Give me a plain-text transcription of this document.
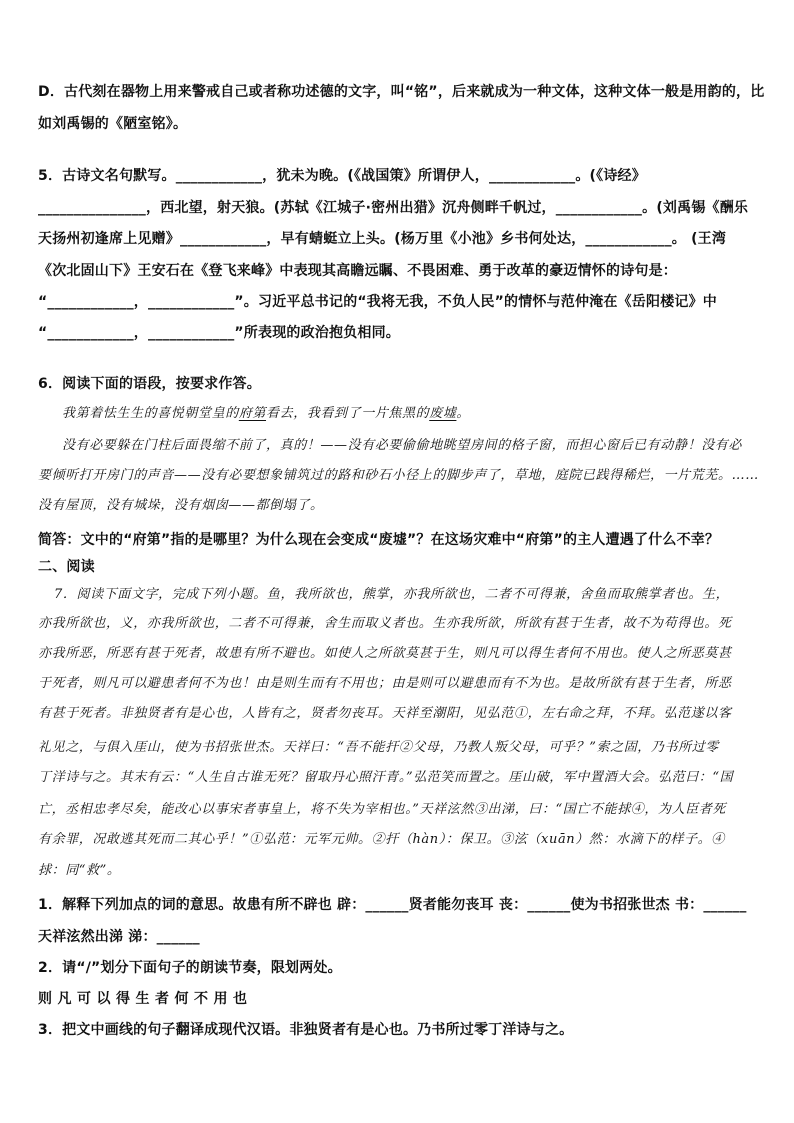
D．古代刻在器物上用来警戒自己或者称功述德的文字，叫“铭”，后来就成为一种文体，这种文体一般是用韵的，比
如刘禹锡的《陋室铭》。
5．古诗文名句默写。____________，犹未为晚。(《战国策》所谓伊人，____________。(《诗经》
_______________，西北望，射天狼。(苏轼《江城子·密州出猎》沉舟侧畔千帆过，____________。(刘禹锡《酬乐
天扬州初逢席上见赠》____________，早有蜻蜓立上头。(杨万里《小池》乡书何处达，____________。 (王湾
《次北固山下》王安石在《登飞来峰》中表现其高瞻远瞩、不畏困难、勇于改革的豪迈情怀的诗句是：
“____________，____________”。习近平总书记的“我将无我，不负人民”的情怀与范仲淹在《岳阳楼记》中
“____________，____________”所表现的政治抱负相同。
6．阅读下面的语段，按要求作答。
我第着怯生生的喜悦朝堂皇的府第看去，我看到了一片焦黑的废墟。
没有必要躲在门柱后面畏缩不前了，真的！——没有必要偷偷地眺望房间的格子窗，而担心窗后已有动静！没有必
要倾听打开房门的声音——没有必要想象铺筑过的路和砂石小径上的脚步声了，草地，庭院已践得稀烂，一片荒芜。……
没有屋顶，没有城垛，没有烟囱——都倒塌了。
简答：文中的“府第”指的是哪里？为什么现在会变成“废墟”？在这场灾难中“府第”的主人遭遇了什么不幸？
二、阅读
7．阅读下面文字，完成下列小题。鱼，我所欲也，熊掌，亦我所欲也，二者不可得兼，舍鱼而取熊掌者也。生，
亦我所欲也，义，亦我所欲也，二者不可得兼，舍生而取义者也。生亦我所欲，所欲有甚于生者，故不为苟得也。死
亦我所恶，所恶有甚于死者，故患有所不避也。如使人之所欲莫甚于生，则凡可以得生者何不用也。使人之所恶莫甚
于死者，则凡可以避患者何不为也！由是则生而有不用也；由是则可以避患而有不为也。是故所欲有甚于生者，所恶
有甚于死者。非独贤者有是心也，人皆有之，贤者勿丧耳。天祥至潮阳，见弘范①，左右命之拜，不拜。弘范遂以客
礼见之，与俱入厓山，使为书招张世杰。天祥曰：“吾不能扞②父母，乃教人叛父母，可乎？”索之固，乃书所过零
丁洋诗与之。其末有云：“人生自古谁无死？留取丹心照汗青。”弘范笑而置之。厓山破，军中置酒大会。弘范曰：“国
亡，丞相忠孝尽矣，能改心以事宋者事皇上，将不失为宰相也。”天祥泫然③出涕，曰：“国亡不能捄④，为人臣者死
有余罪，况敢逃其死而二其心乎！”①弘范：元军元帅。②扞（hàn）：保卫。③泫（xuān）然：水滴下的样子。④
捄：同“救”。
1．解释下列加点的词的意思。故患有所不辟也 辟：______贤者能勿丧耳 丧：______使为书招张世杰 书：______
天祥泫然出涕 涕：______
2．请“/”划分下面句子的朗读节奏，限划两处。
则凡可以得生者何不用也
3．把文中画线的句子翻译成现代汉语。非独贤者有是心也。乃书所过零丁洋诗与之。
